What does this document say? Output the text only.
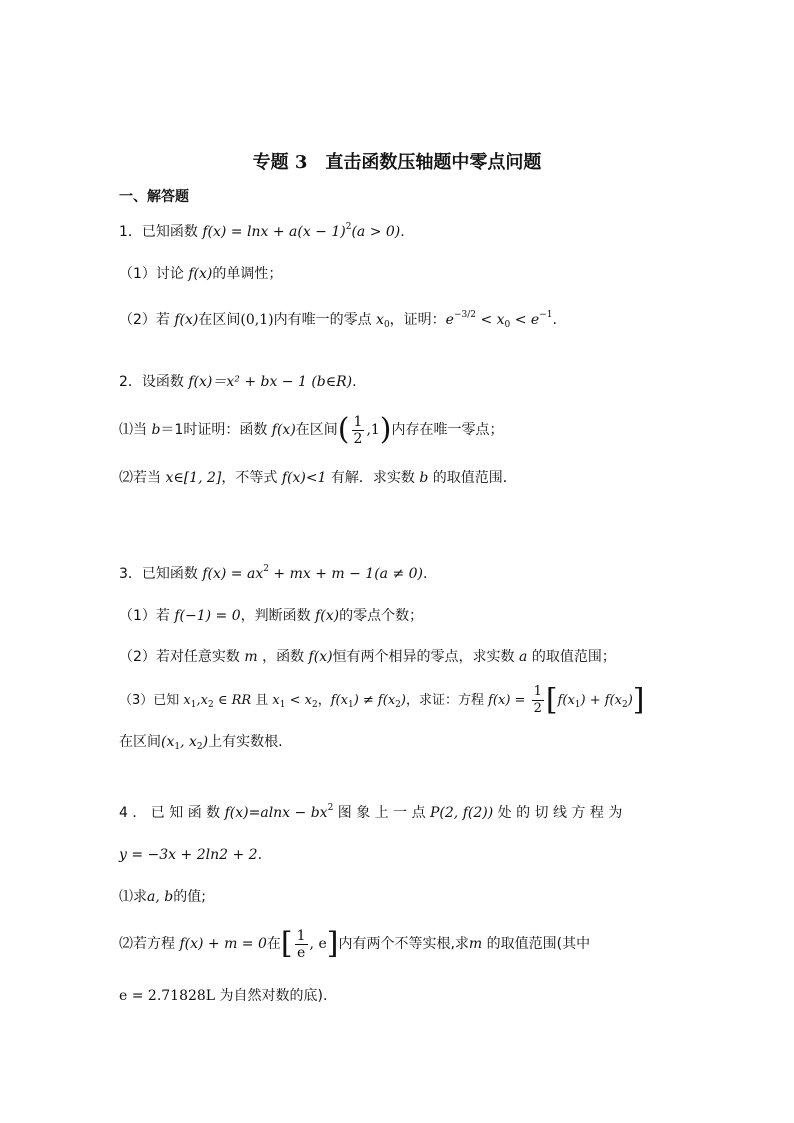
专题 3　直击函数压轴题中零点问题
一、解答题
1．已知函数 $f(x) = \ln x + a(x - 1)^2(a > 0)$.
（1）讨论 f(x)的单调性；
（2）若 f(x)在区间(0,1)内有唯一的零点 $x_0$，证明：$e^{-3/2} < x_0 < e^{-1}$.
2．设函数 f(x)＝x² + bx − 1 (b∈R).
⑴当 b＝1时证明：函数 f(x)在区间( $\frac{1}{2} ,1$)内存在唯一零点；
⑵若当 x∈[1, 2]，不等式 f(x)<1 有解．求实数 b 的取值范围．
3．已知函数 $f(x) = ax^2$ + mx + m − 1(a ≠ 0).
（1）若 f(−1) = 0，判断函数 f(x)的零点个数；
（2）若对任意实数 m ，函数 f(x)恒有两个相异的零点，求实数 a 的取值范围；
（3）已知 $x_1,x_2$ ∈ RR 且 $x_1 < x_2$，$f(x_1) \ne f(x_2)$，求证：方程 $f(x) = \frac{1}{2} [f(x_1) + f(x_2)]$
在区间($x_1$, $x_2$)上有实数根.
4 ． 已 知 函 数 $f(x)=alnx - bx^2$ 图 象 上 一 点 P(2, f(2)) 处 的 切 线 方 程 为
y = −3x + 2ln2 + 2.
⑴求a, b的值;
⑵若方程 f(x) + m = 0在[ $\frac{1}{e}$ , e]内有两个不等实根,求m 的取值范围(其中
e = 2.71828L 为自然对数的底).
